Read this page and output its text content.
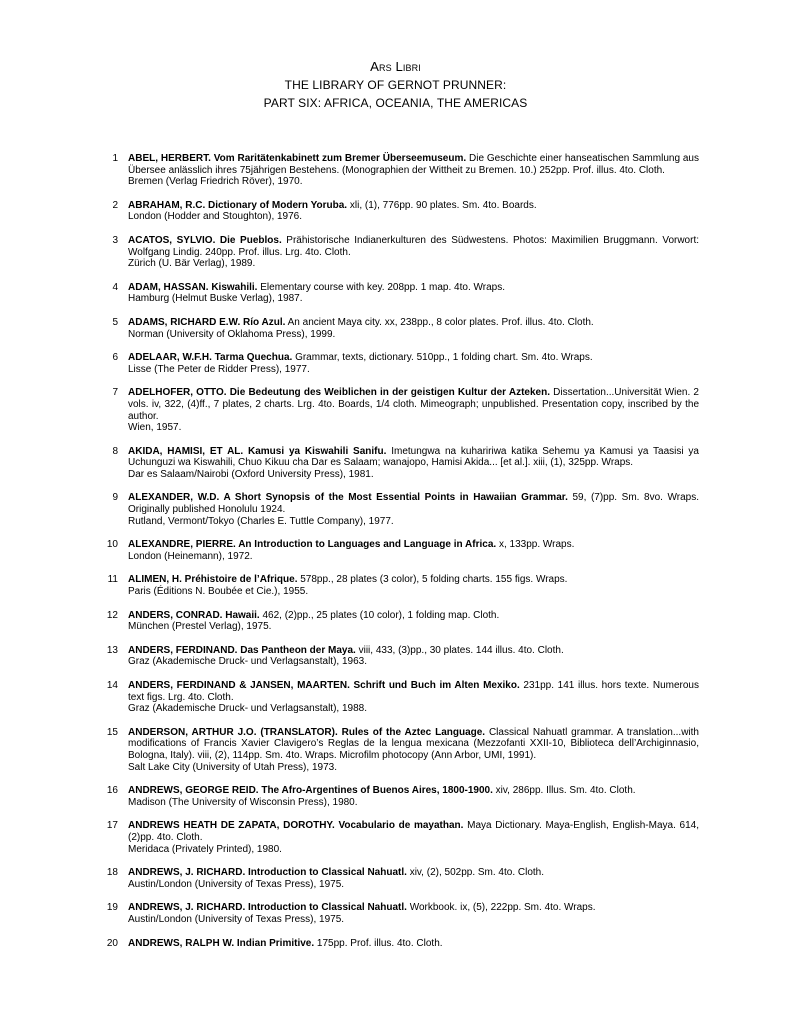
Ars Libri
THE LIBRARY OF GERNOT PRUNNER:
PART SIX: AFRICA, OCEANIA, THE AMERICAS
1 ABEL, HERBERT. Vom Raritätenkabinett zum Bremer Überseemuseum. Die Geschichte einer hanseatischen Sammlung aus Übersee anlässlich ihres 75jährigen Bestehens. (Monographien der Wittheit zu Bremen. 10.) 252pp. Prof. illus. 4to. Cloth.
Bremen (Verlag Friedrich Röver), 1970.
2 ABRAHAM, R.C. Dictionary of Modern Yoruba. xli, (1), 776pp. 90 plates. Sm. 4to. Boards.
London (Hodder and Stoughton), 1976.
3 ACATOS, SYLVIO. Die Pueblos. Prähistorische Indianerkulturen des Südwestens. Photos: Maximilien Bruggmann. Vorwort: Wolfgang Lindig. 240pp. Prof. illus. Lrg. 4to. Cloth.
Zürich (U. Bär Verlag), 1989.
4 ADAM, HASSAN. Kiswahili. Elementary course with key. 208pp. 1 map. 4to. Wraps.
Hamburg (Helmut Buske Verlag), 1987.
5 ADAMS, RICHARD E.W. Río Azul. An ancient Maya city. xx, 238pp., 8 color plates. Prof. illus. 4to. Cloth.
Norman (University of Oklahoma Press), 1999.
6 ADELAAR, W.F.H. Tarma Quechua. Grammar, texts, dictionary. 510pp., 1 folding chart. Sm. 4to. Wraps.
Lisse (The Peter de Ridder Press), 1977.
7 ADELHOFER, OTTO. Die Bedeutung des Weiblichen in der geistigen Kultur der Azteken. Dissertation...Universität Wien. 2 vols. iv, 322, (4)ff., 7 plates, 2 charts. Lrg. 4to. Boards, 1/4 cloth. Mimeograph; unpublished. Presentation copy, inscribed by the author.
Wien, 1957.
8 AKIDA, HAMISI, ET AL. Kamusi ya Kiswahili Sanifu. Imetungwa na kuhaririwa katika Sehemu ya Kamusi ya Taasisi ya Uchunguzi wa Kiswahili, Chuo Kikuu cha Dar es Salaam; wanajopo, Hamisi Akida... [et al.]. xiii, (1), 325pp. Wraps.
Dar es Salaam/Nairobi (Oxford University Press), 1981.
9 ALEXANDER, W.D. A Short Synopsis of the Most Essential Points in Hawaiian Grammar. 59, (7)pp. Sm. 8vo. Wraps. Originally published Honolulu 1924.
Rutland, Vermont/Tokyo (Charles E. Tuttle Company), 1977.
10 ALEXANDRE, PIERRE. An Introduction to Languages and Language in Africa. x, 133pp. Wraps.
London (Heinemann), 1972.
11 ALIMEN, H. Préhistoire de l’Afrique. 578pp., 28 plates (3 color), 5 folding charts. 155 figs. Wraps.
Paris (Éditions N. Boubée et Cie.), 1955.
12 ANDERS, CONRAD. Hawaii. 462, (2)pp., 25 plates (10 color), 1 folding map. Cloth.
München (Prestel Verlag), 1975.
13 ANDERS, FERDINAND. Das Pantheon der Maya. viii, 433, (3)pp., 30 plates. 144 illus. 4to. Cloth.
Graz (Akademische Druck- und Verlagsanstalt), 1963.
14 ANDERS, FERDINAND & JANSEN, MAARTEN. Schrift und Buch im Alten Mexiko. 231pp. 141 illus. hors texte. Numerous text figs. Lrg. 4to. Cloth.
Graz (Akademische Druck- und Verlagsanstalt), 1988.
15 ANDERSON, ARTHUR J.O. (TRANSLATOR). Rules of the Aztec Language. Classical Nahuatl grammar. A translation...with modifications of Francis Xavier Clavigero’s Reglas de la lengua mexicana (Mezzofanti XXII-10, Biblioteca dell’Archiginnasio, Bologna, Italy). viii, (2), 114pp. Sm. 4to. Wraps. Microfilm photocopy (Ann Arbor, UMI, 1991).
Salt Lake City (University of Utah Press), 1973.
16 ANDREWS, GEORGE REID. The Afro-Argentines of Buenos Aires, 1800-1900. xiv, 286pp. Illus. Sm. 4to. Cloth.
Madison (The University of Wisconsin Press), 1980.
17 ANDREWS HEATH DE ZAPATA, DOROTHY. Vocabulario de mayathan. Maya Dictionary. Maya-English, English-Maya. 614, (2)pp. 4to. Cloth.
Meridaca (Privately Printed), 1980.
18 ANDREWS, J. RICHARD. Introduction to Classical Nahuatl. xiv, (2), 502pp. Sm. 4to. Cloth.
Austin/London (University of Texas Press), 1975.
19 ANDREWS, J. RICHARD. Introduction to Classical Nahuatl. Workbook. ix, (5), 222pp. Sm. 4to. Wraps.
Austin/London (University of Texas Press), 1975.
20 ANDREWS, RALPH W. Indian Primitive. 175pp. Prof. illus. 4to. Cloth.
